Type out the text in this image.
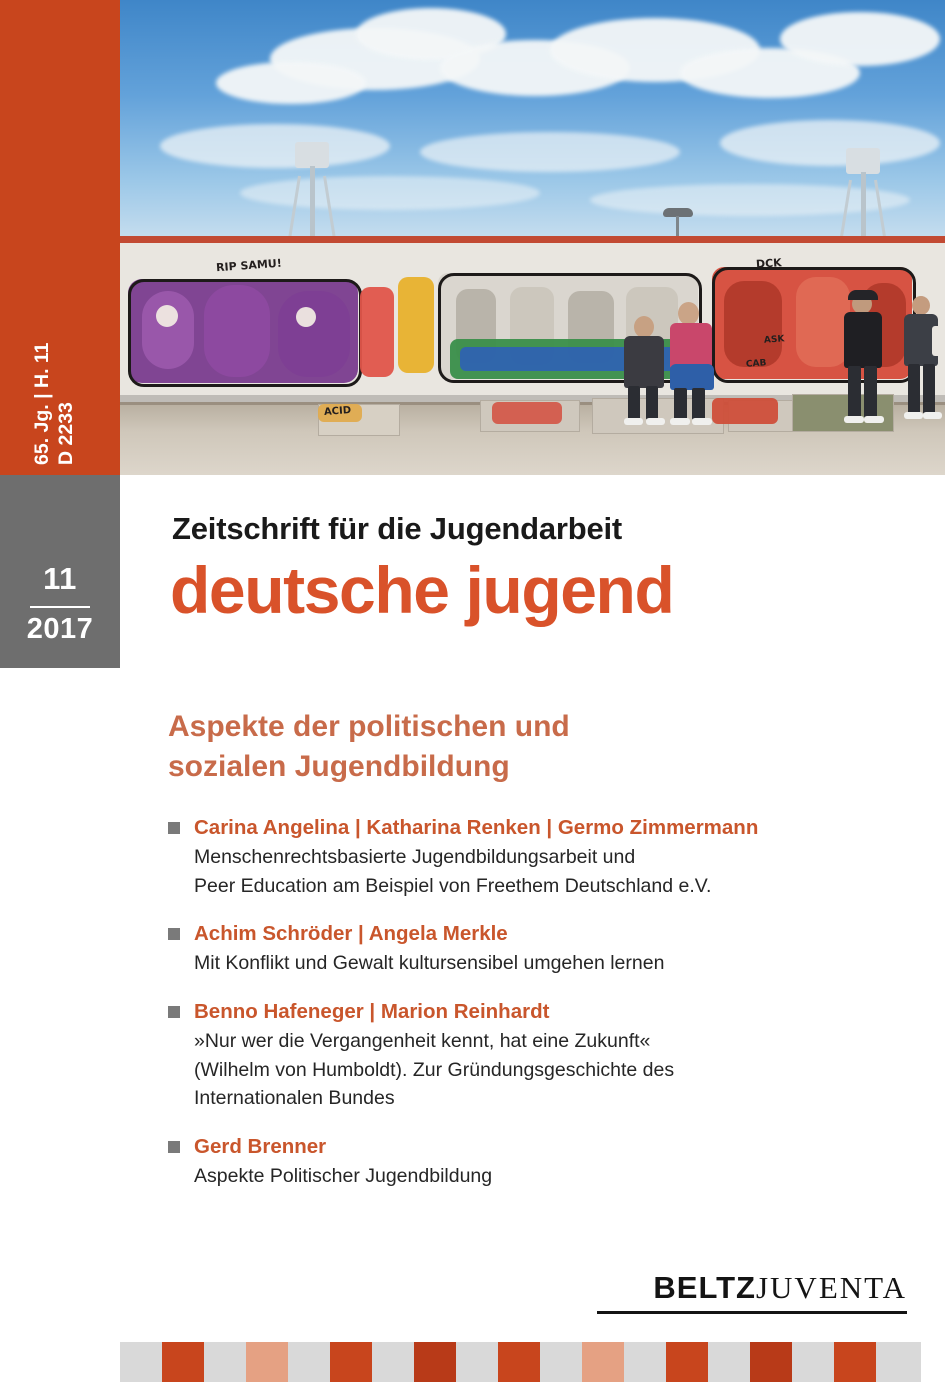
65. Jg. | H. 11 D 2233
11
2017
RIP SAMU!	DCK
ASK
CAB
ACID
Zeitschrift für die Jugendarbeit
deutsche jugend
Aspekte der politischen und
sozialen Jugendbildung
Carina Angelina | Katharina Renken | Germo Zimmermann
Menschenrechtsbasierte Jugendbildungsarbeit und
Peer Education am Beispiel von Freethem Deutschland e.V.
Achim Schröder | Angela Merkle
Mit Konflikt und Gewalt kultursensibel umgehen lernen
Benno Hafeneger | Marion Reinhardt
»Nur wer die Vergangenheit kennt, hat eine Zukunft«
(Wilhelm von Humboldt). Zur Gründungsgeschichte des
Internationalen Bundes
Gerd Brenner
Aspekte Politischer Jugendbildung
BELTZJUVENTA
